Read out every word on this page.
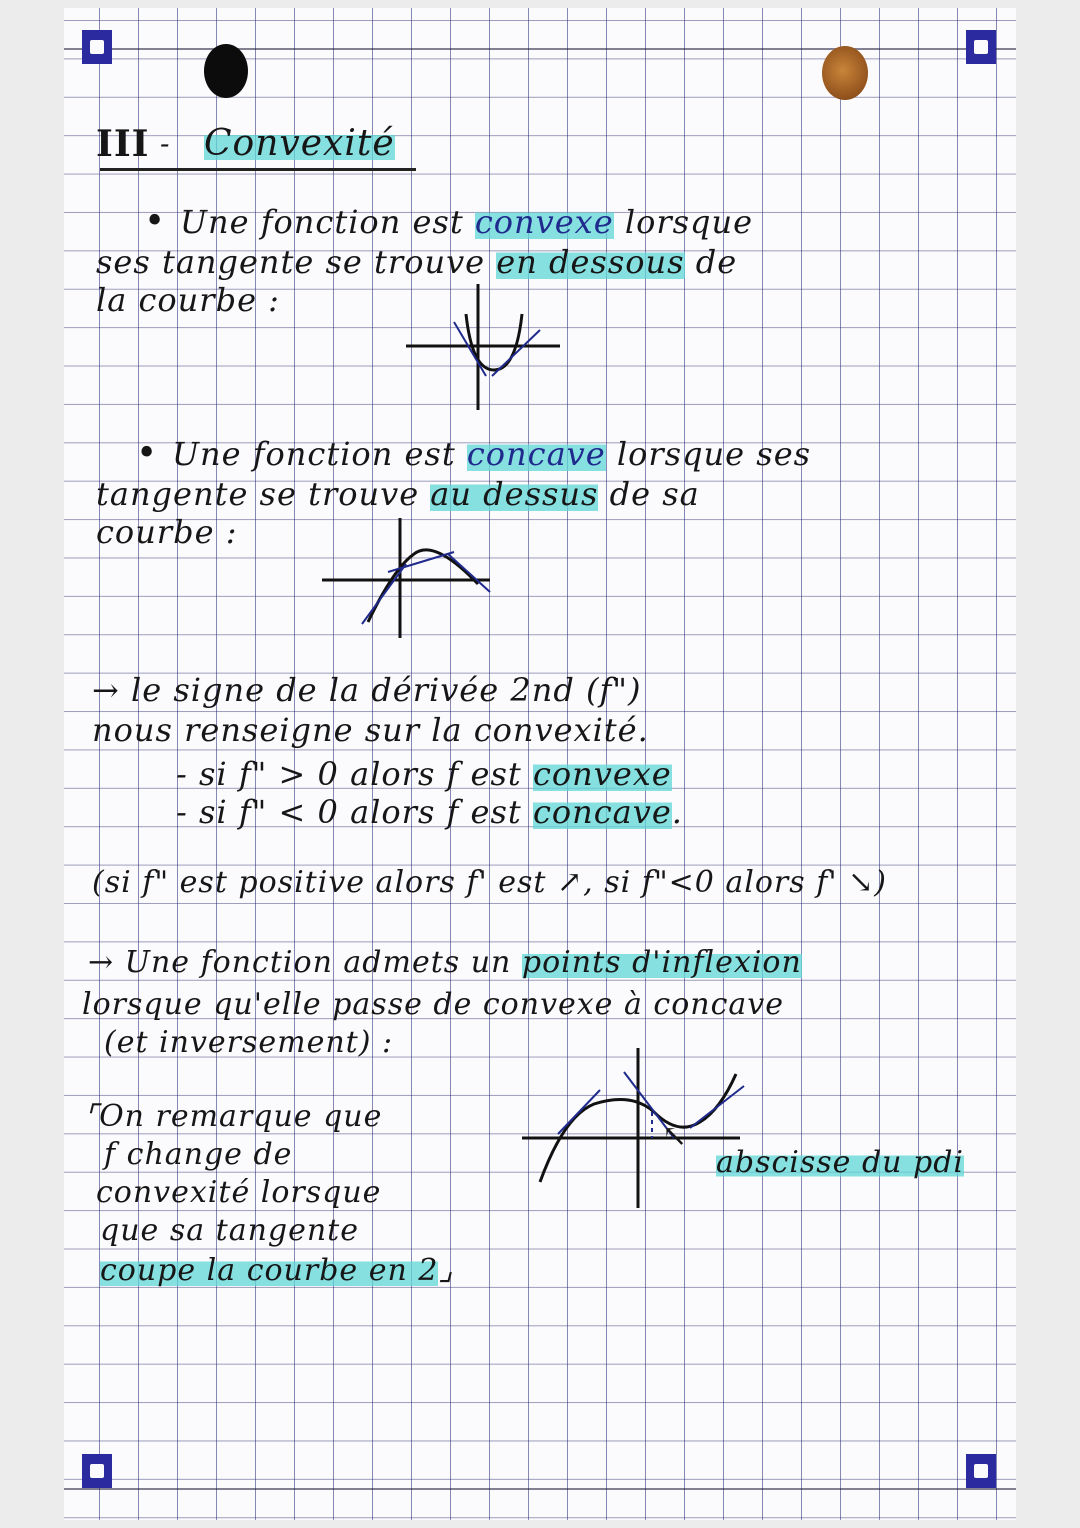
III - Convexité
• Une fonction est convexe lorsque
ses tangente se trouve en dessous de
la courbe :
• Une fonction est concave lorsque ses
tangente se trouve au dessus de sa
courbe :
→ le signe de la dérivée 2nd (f")
nous renseigne sur la convexité.
- si f" > 0 alors f est convexe
- si f" < 0 alors f est concave.
(si f" est positive alors f' est ↗, si f"<0 alors f' ↘)
→ Une fonction admets un points d'inflexion
lorsque qu'elle passe de convexe à concave
(et inversement) :
⌜On remarque que
f change de
convexité lorsque
que sa tangente
coupe la courbe en 2⌟
↖
abscisse du pdi
